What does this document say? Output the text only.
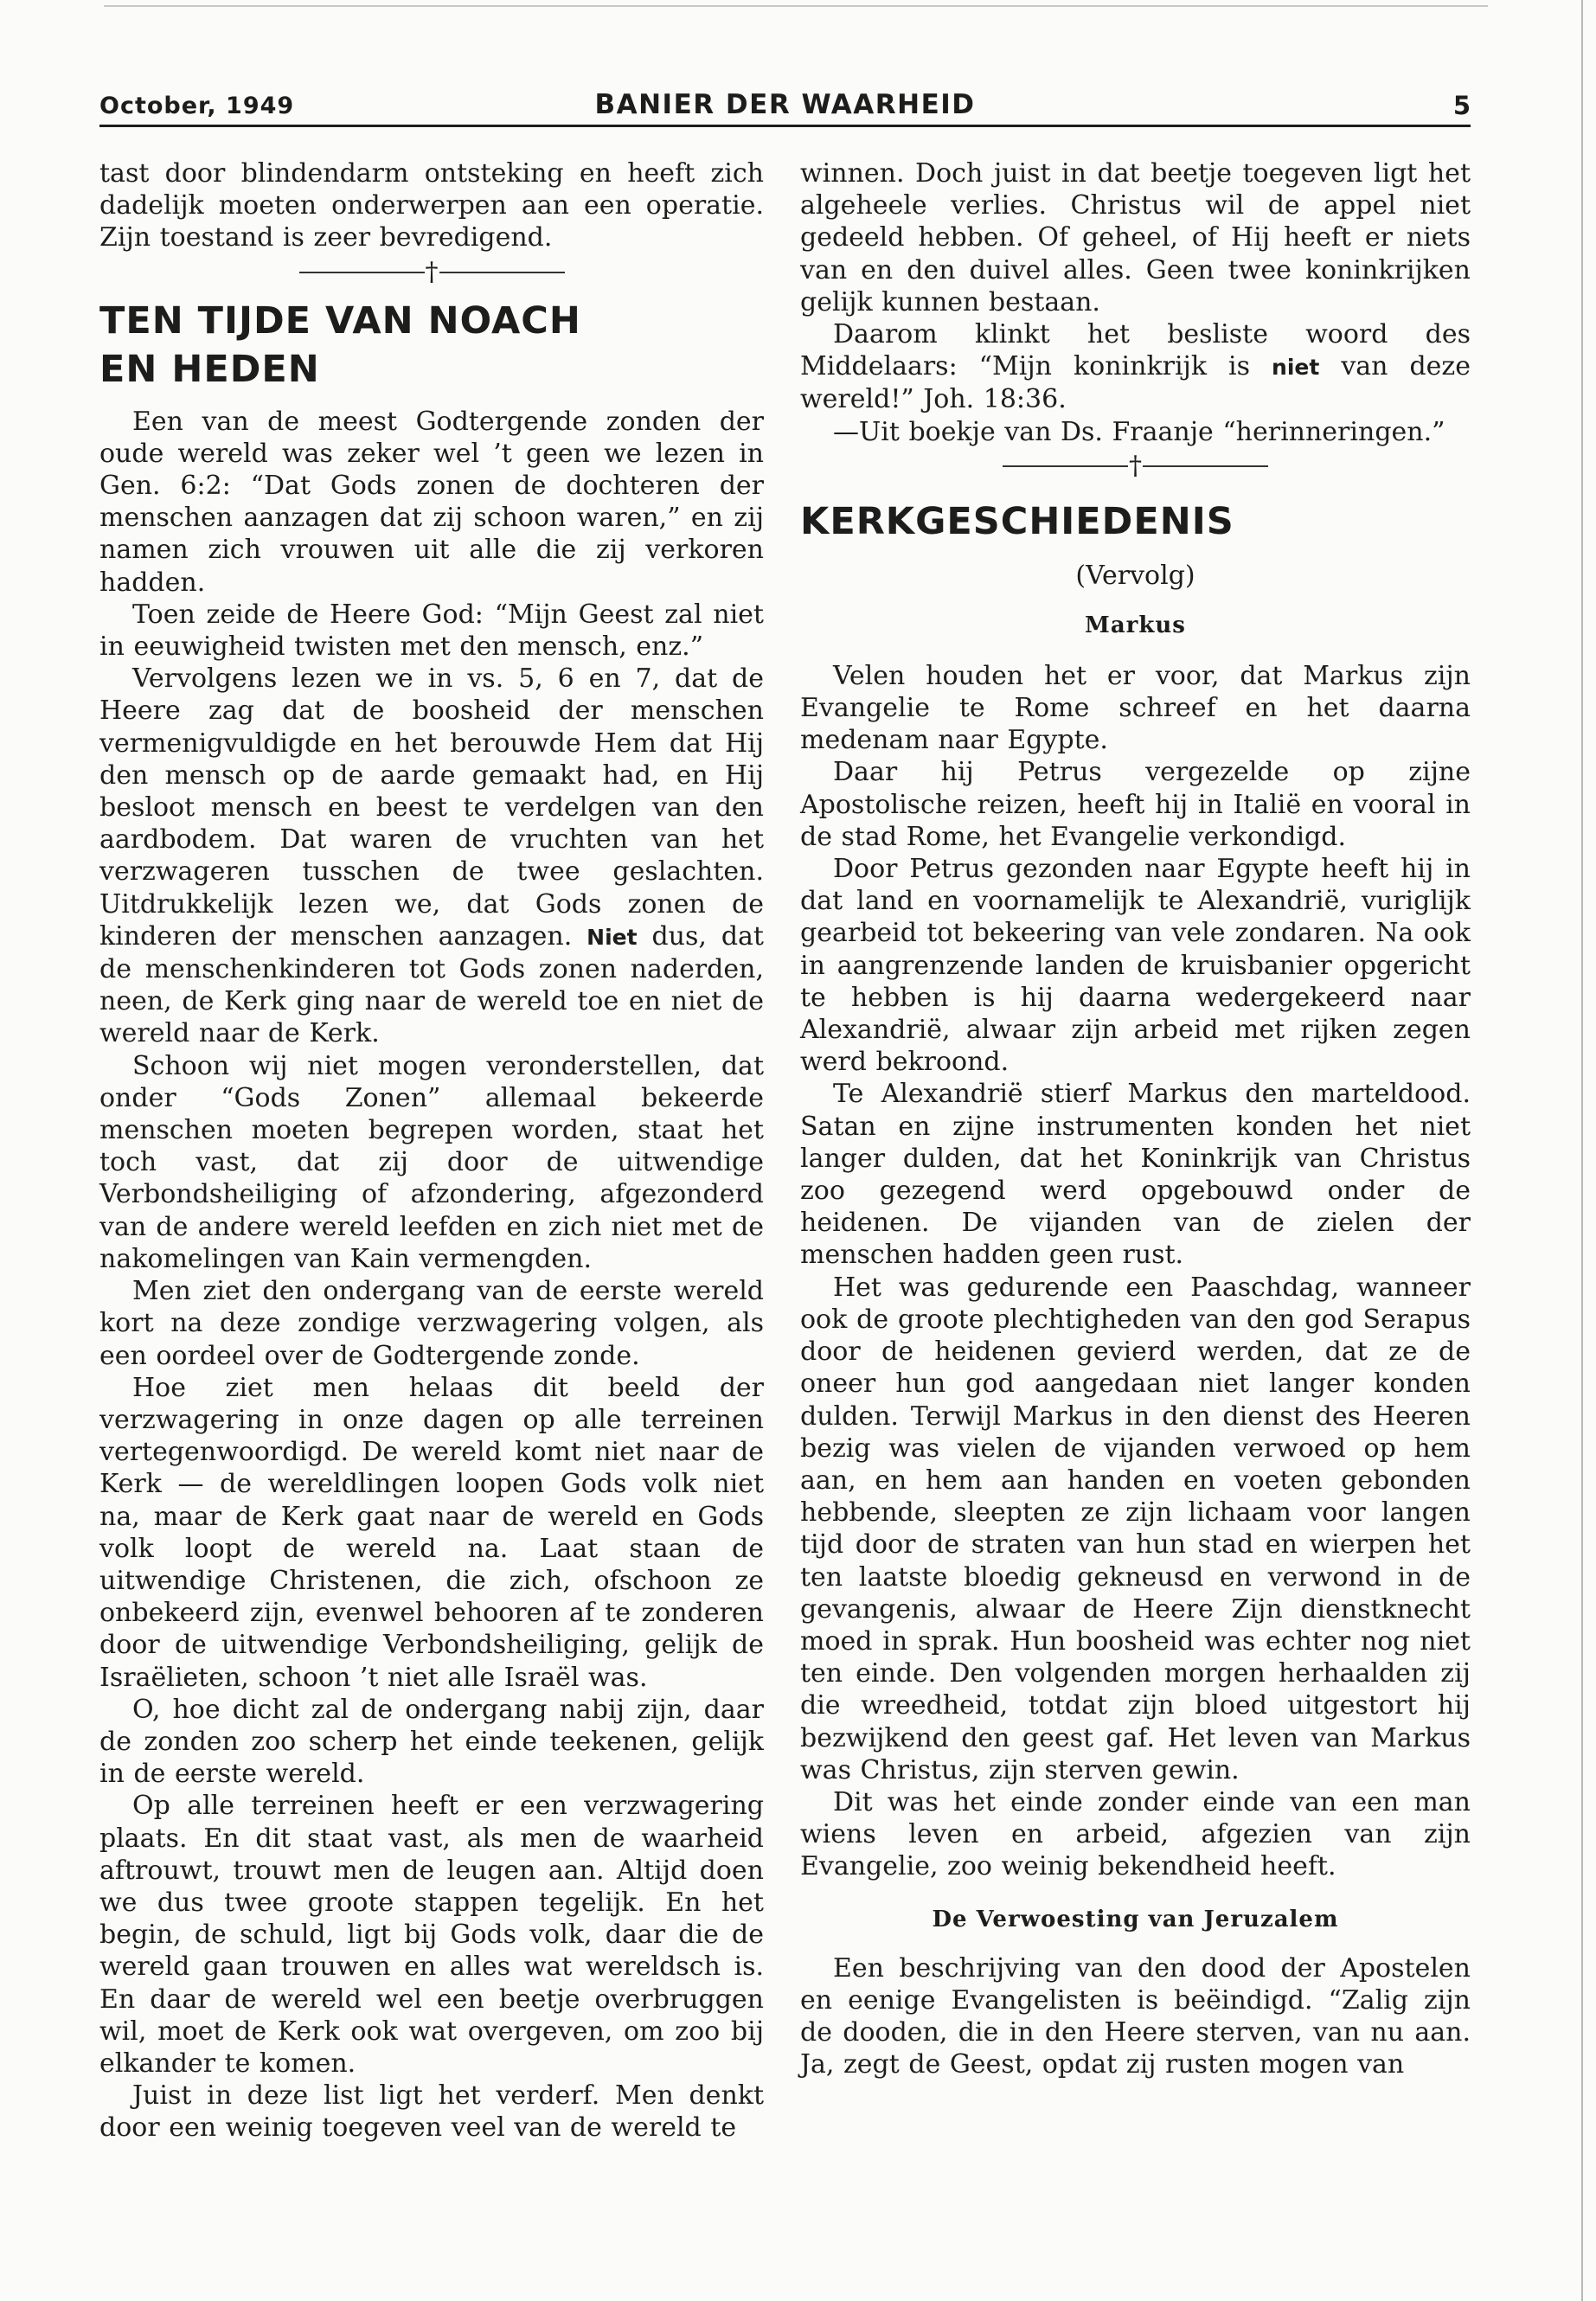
October, 1949	BANIER DER WAARHEID	5

tast door blindendarm ontsteking en heeft zich dadelijk moeten onderwerpen aan een operatie. Zijn toestand is zeer bevredigend.

†
TEN TIJDE VAN NOACH
EN HEDEN

Een van de meest Godtergende zonden der oude wereld was zeker wel ’t geen we lezen in Gen. 6:2: “Dat Gods zonen de dochteren der menschen aanzagen dat zij schoon waren,” en zij namen zich vrouwen uit alle die zij verkoren hadden.

Toen zeide de Heere God: “Mijn Geest zal niet in eeuwigheid twisten met den mensch, enz.”

Vervolgens lezen we in vs. 5, 6 en 7, dat de Heere zag dat de boosheid der menschen vermenigvuldigde en het berouwde Hem dat Hij den mensch op de aarde gemaakt had, en Hij besloot mensch en beest te verdelgen van den aardbodem. Dat waren de vruchten van het verzwageren tusschen de twee geslachten. Uitdrukkelijk lezen we, dat Gods zonen de kinderen der menschen aanzagen. Niet dus, dat de menschenkinderen tot Gods zonen naderden, neen, de Kerk ging naar de wereld toe en niet de wereld naar de Kerk.

Schoon wij niet mogen veronderstellen, dat onder “Gods Zonen” allemaal bekeerde menschen moeten begrepen worden, staat het toch vast, dat zij door de uitwendige Verbondsheiliging of afzondering, afgezonderd van de andere wereld leefden en zich niet met de nakomelingen van Kain vermengden.

Men ziet den ondergang van de eerste wereld kort na deze zondige verzwagering volgen, als een oordeel over de Godtergende zonde.

Hoe ziet men helaas dit beeld der verzwagering in onze dagen op alle terreinen vertegenwoordigd. De wereld komt niet naar de Kerk — de wereldlingen loopen Gods volk niet na, maar de Kerk gaat naar de wereld en Gods volk loopt de wereld na. Laat staan de uitwendige Christenen, die zich, ofschoon ze onbekeerd zijn, evenwel behooren af te zonderen door de uitwendige Verbondsheiliging, gelijk de Israëlieten, schoon ’t niet alle Israël was.

O, hoe dicht zal de ondergang nabij zijn, daar de zonden zoo scherp het einde teekenen, gelijk in de eerste wereld.

Op alle terreinen heeft er een verzwagering plaats. En dit staat vast, als men de waarheid aftrouwt, trouwt men de leugen aan. Altijd doen we dus twee groote stappen tegelijk. En het begin, de schuld, ligt bij Gods volk, daar die de wereld gaan trouwen en alles wat wereldsch is. En daar de wereld wel een beetje overbruggen wil, moet de Kerk ook wat overgeven, om zoo bij elkander te komen.

Juist in deze list ligt het verderf. Men denkt door een weinig toegeven veel van de wereld te

winnen. Doch juist in dat beetje toegeven ligt het algeheele verlies. Christus wil de appel niet gedeeld hebben. Of geheel, of Hij heeft er niets van en den duivel alles. Geen twee koninkrijken gelijk kunnen bestaan.

Daarom klinkt het besliste woord des Middelaars: “Mijn koninkrijk is niet van deze wereld!” Joh. 18:36.

—Uit boekje van Ds. Fraanje “herinneringen.”

†
KERKGESCHIEDENIS
(Vervolg)
Markus

Velen houden het er voor, dat Markus zijn Evangelie te Rome schreef en het daarna medenam naar Egypte.

Daar hij Petrus vergezelde op zijne Apostolische reizen, heeft hij in Italië en vooral in de stad Rome, het Evangelie verkondigd.

Door Petrus gezonden naar Egypte heeft hij in dat land en voornamelijk te Alexandrië, vuriglijk gearbeid tot bekeering van vele zondaren. Na ook in aangrenzende landen de kruisbanier opgericht te hebben is hij daarna wedergekeerd naar Alexandrië, alwaar zijn arbeid met rijken zegen werd bekroond.

Te Alexandrië stierf Markus den marteldood. Satan en zijne instrumenten konden het niet langer dulden, dat het Koninkrijk van Christus zoo gezegend werd opgebouwd onder de heidenen. De vijanden van de zielen der menschen hadden geen rust.

Het was gedurende een Paaschdag, wanneer ook de groote plechtigheden van den god Serapus door de heidenen gevierd werden, dat ze de oneer hun god aangedaan niet langer konden dulden. Terwijl Markus in den dienst des Heeren bezig was vielen de vijanden verwoed op hem aan, en hem aan handen en voeten gebonden hebbende, sleepten ze zijn lichaam voor langen tijd door de straten van hun stad en wierpen het ten laatste bloedig gekneusd en verwond in de gevangenis, alwaar de Heere Zijn dienstknecht moed in sprak. Hun boosheid was echter nog niet ten einde. Den volgenden morgen herhaalden zij die wreedheid, totdat zijn bloed uitgestort hij bezwijkend den geest gaf. Het leven van Markus was Christus, zijn sterven gewin.

Dit was het einde zonder einde van een man wiens leven en arbeid, afgezien van zijn Evangelie, zoo weinig bekendheid heeft.

De Verwoesting van Jeruzalem

Een beschrijving van den dood der Apostelen en eenige Evangelisten is beëindigd. “Zalig zijn de dooden, die in den Heere sterven, van nu aan. Ja, zegt de Geest, opdat zij rusten mogen van
